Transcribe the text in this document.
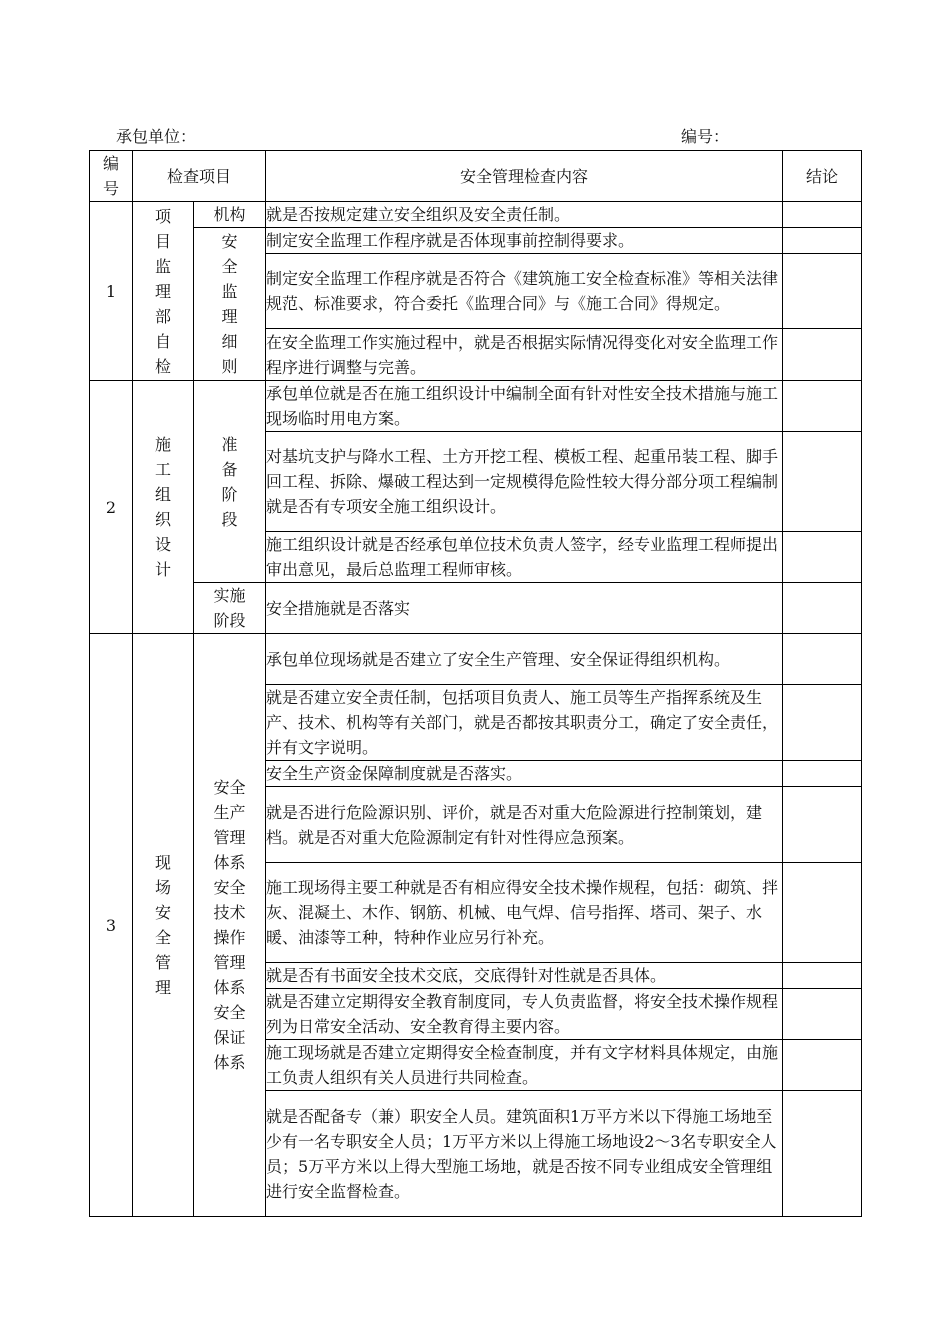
承包单位：	编号：
编号	检查项目		安全管理检查内容	结论
1	项目监理部自检	机构	就是否按规定建立安全组织及安全责任制。	

		安全监理细则	制定安全监理工作程序就是否体现事前控制得要求。	
			制定安全监理工作程序就是否符合《建筑施工安全检查标准》等相关法律规范、标准要求，符合委托《监理合同》与《施工合同》得规定。	
			在安全监理工作实施过程中，就是否根据实际情况得变化对安全监理工作程序进行调整与完善。	
2	施工组织设计	准备阶段	承包单位就是否在施工组织设计中编制全面有针对性安全技术措施与施工现场临时用电方案。	
			对基坑支护与降水工程、土方开挖工程、模板工程、起重吊装工程、脚手回工程、拆除、爆破工程达到一定规模得危险性较大得分部分项工程编制就是否有专项安全施工组织设计。	
			施工组织设计就是否经承包单位技术负责人签字，经专业监理工程师提出审出意见，最后总监理工程师审核。	

		实施阶段	安全措施就是否落实	
3	现场安全管理	安全生产管理体系安全技术操作管理体系安全保证体系	承包单位现场就是否建立了安全生产管理、安全保证得组织机构。	
			就是否建立安全责任制，包括项目负责人、施工员等生产指挥系统及生产、技术、机构等有关部门，就是否都按其职责分工，确定了安全责任，并有文字说明。	
			安全生产资金保障制度就是否落实。	
			就是否进行危险源识别、评价，就是否对重大危险源进行控制策划，建档。就是否对重大危险源制定有针对性得应急预案。	
			施工现场得主要工种就是否有相应得安全技术操作规程，包括：砌筑、拌灰、混凝土、木作、钢筋、机械、电气焊、信号指挥、塔司、架子、水暖、油漆等工种，特种作业应另行补充。	
			就是否有书面安全技术交底，交底得针对性就是否具体。	
			就是否建立定期得安全教育制度同，专人负责监督，将安全技术操作规程列为日常安全活动、安全教育得主要内容。	
			施工现场就是否建立定期得安全检查制度，并有文字材料具体规定，由施工负责人组织有关人员进行共同检查。	
			就是否配备专（兼）职安全人员。建筑面积1万平方米以下得施工场地至少有一名专职安全人员；1万平方米以上得施工场地设2～3名专职安全人员；5万平方米以上得大型施工场地，就是否按不同专业组成安全管理组进行安全监督检查。	
